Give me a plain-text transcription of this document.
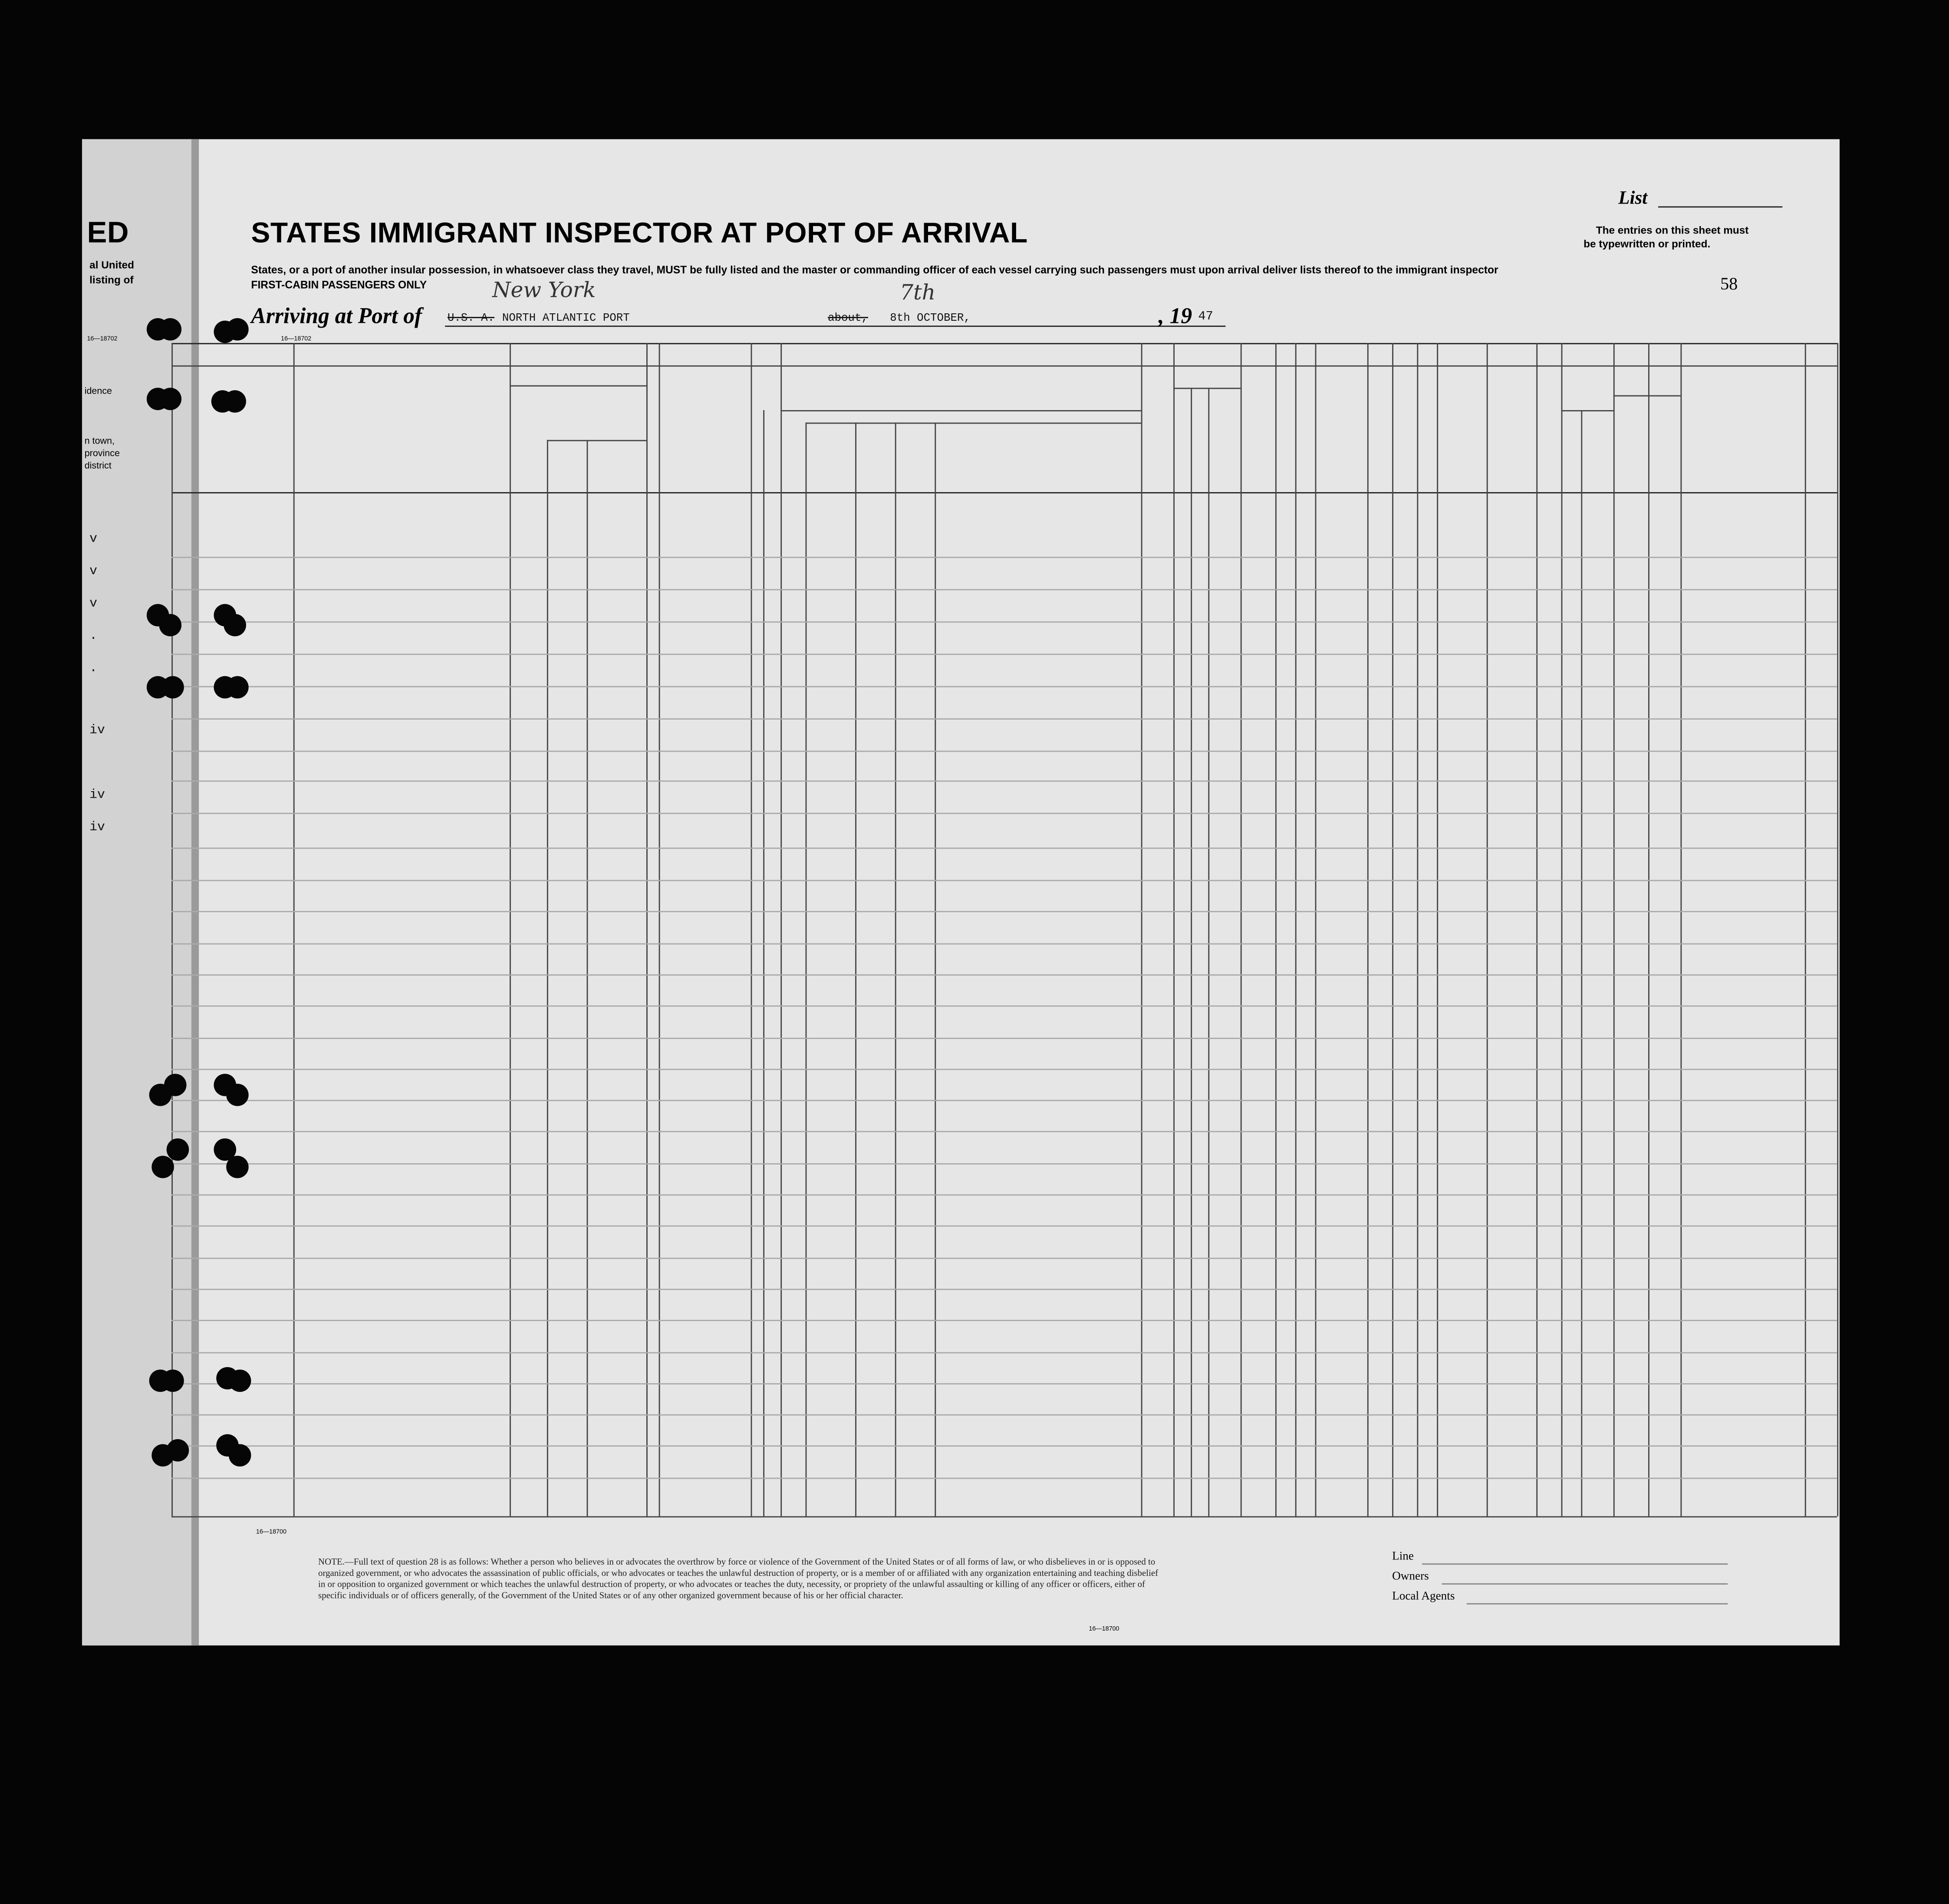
ED
al United
listing of
idence
n town,
province
district
v
v
v
.
.
iv
iv
iv
16—18702	16—18702
STATES IMMIGRANT INSPECTOR AT PORT OF ARRIVAL
States, or a port of another insular possession, in whatsoever class they travel, MUST be fully listed and the master or commanding officer of each vessel carrying such passengers must upon arrival deliver lists thereof to the immigrant inspector
FIRST-CABIN PASSENGERS ONLY
Arriving at Port of	U.S. A.
New York
NORTH ATLANTIC PORT	about,
7th
8th OCTOBER,	, 19 47
List
The entries on this sheet must
be typewritten or printed.
58
NOTE.—Full text of question 28 is as follows: Whether a person who believes in or advocates the overthrow by force or violence of the Government of the United States or of all forms of law, or who disbelieves in or is opposed to organized government, or who advocates the assassination of public officials, or who advocates or teaches the unlawful destruction of property, or is a member of or affiliated with any organization entertaining and teaching disbelief in or opposition to organized government or which teaches the unlawful destruction of property, or who advocates or teaches the duty, necessity, or propriety of the unlawful assaulting or killing of any officer or officers, either of specific individuals or of officers generally, of the Government of the United States or of any other organized government because of his or her official character.
16—18700
16—18700
Line
Owners
Local Agents
